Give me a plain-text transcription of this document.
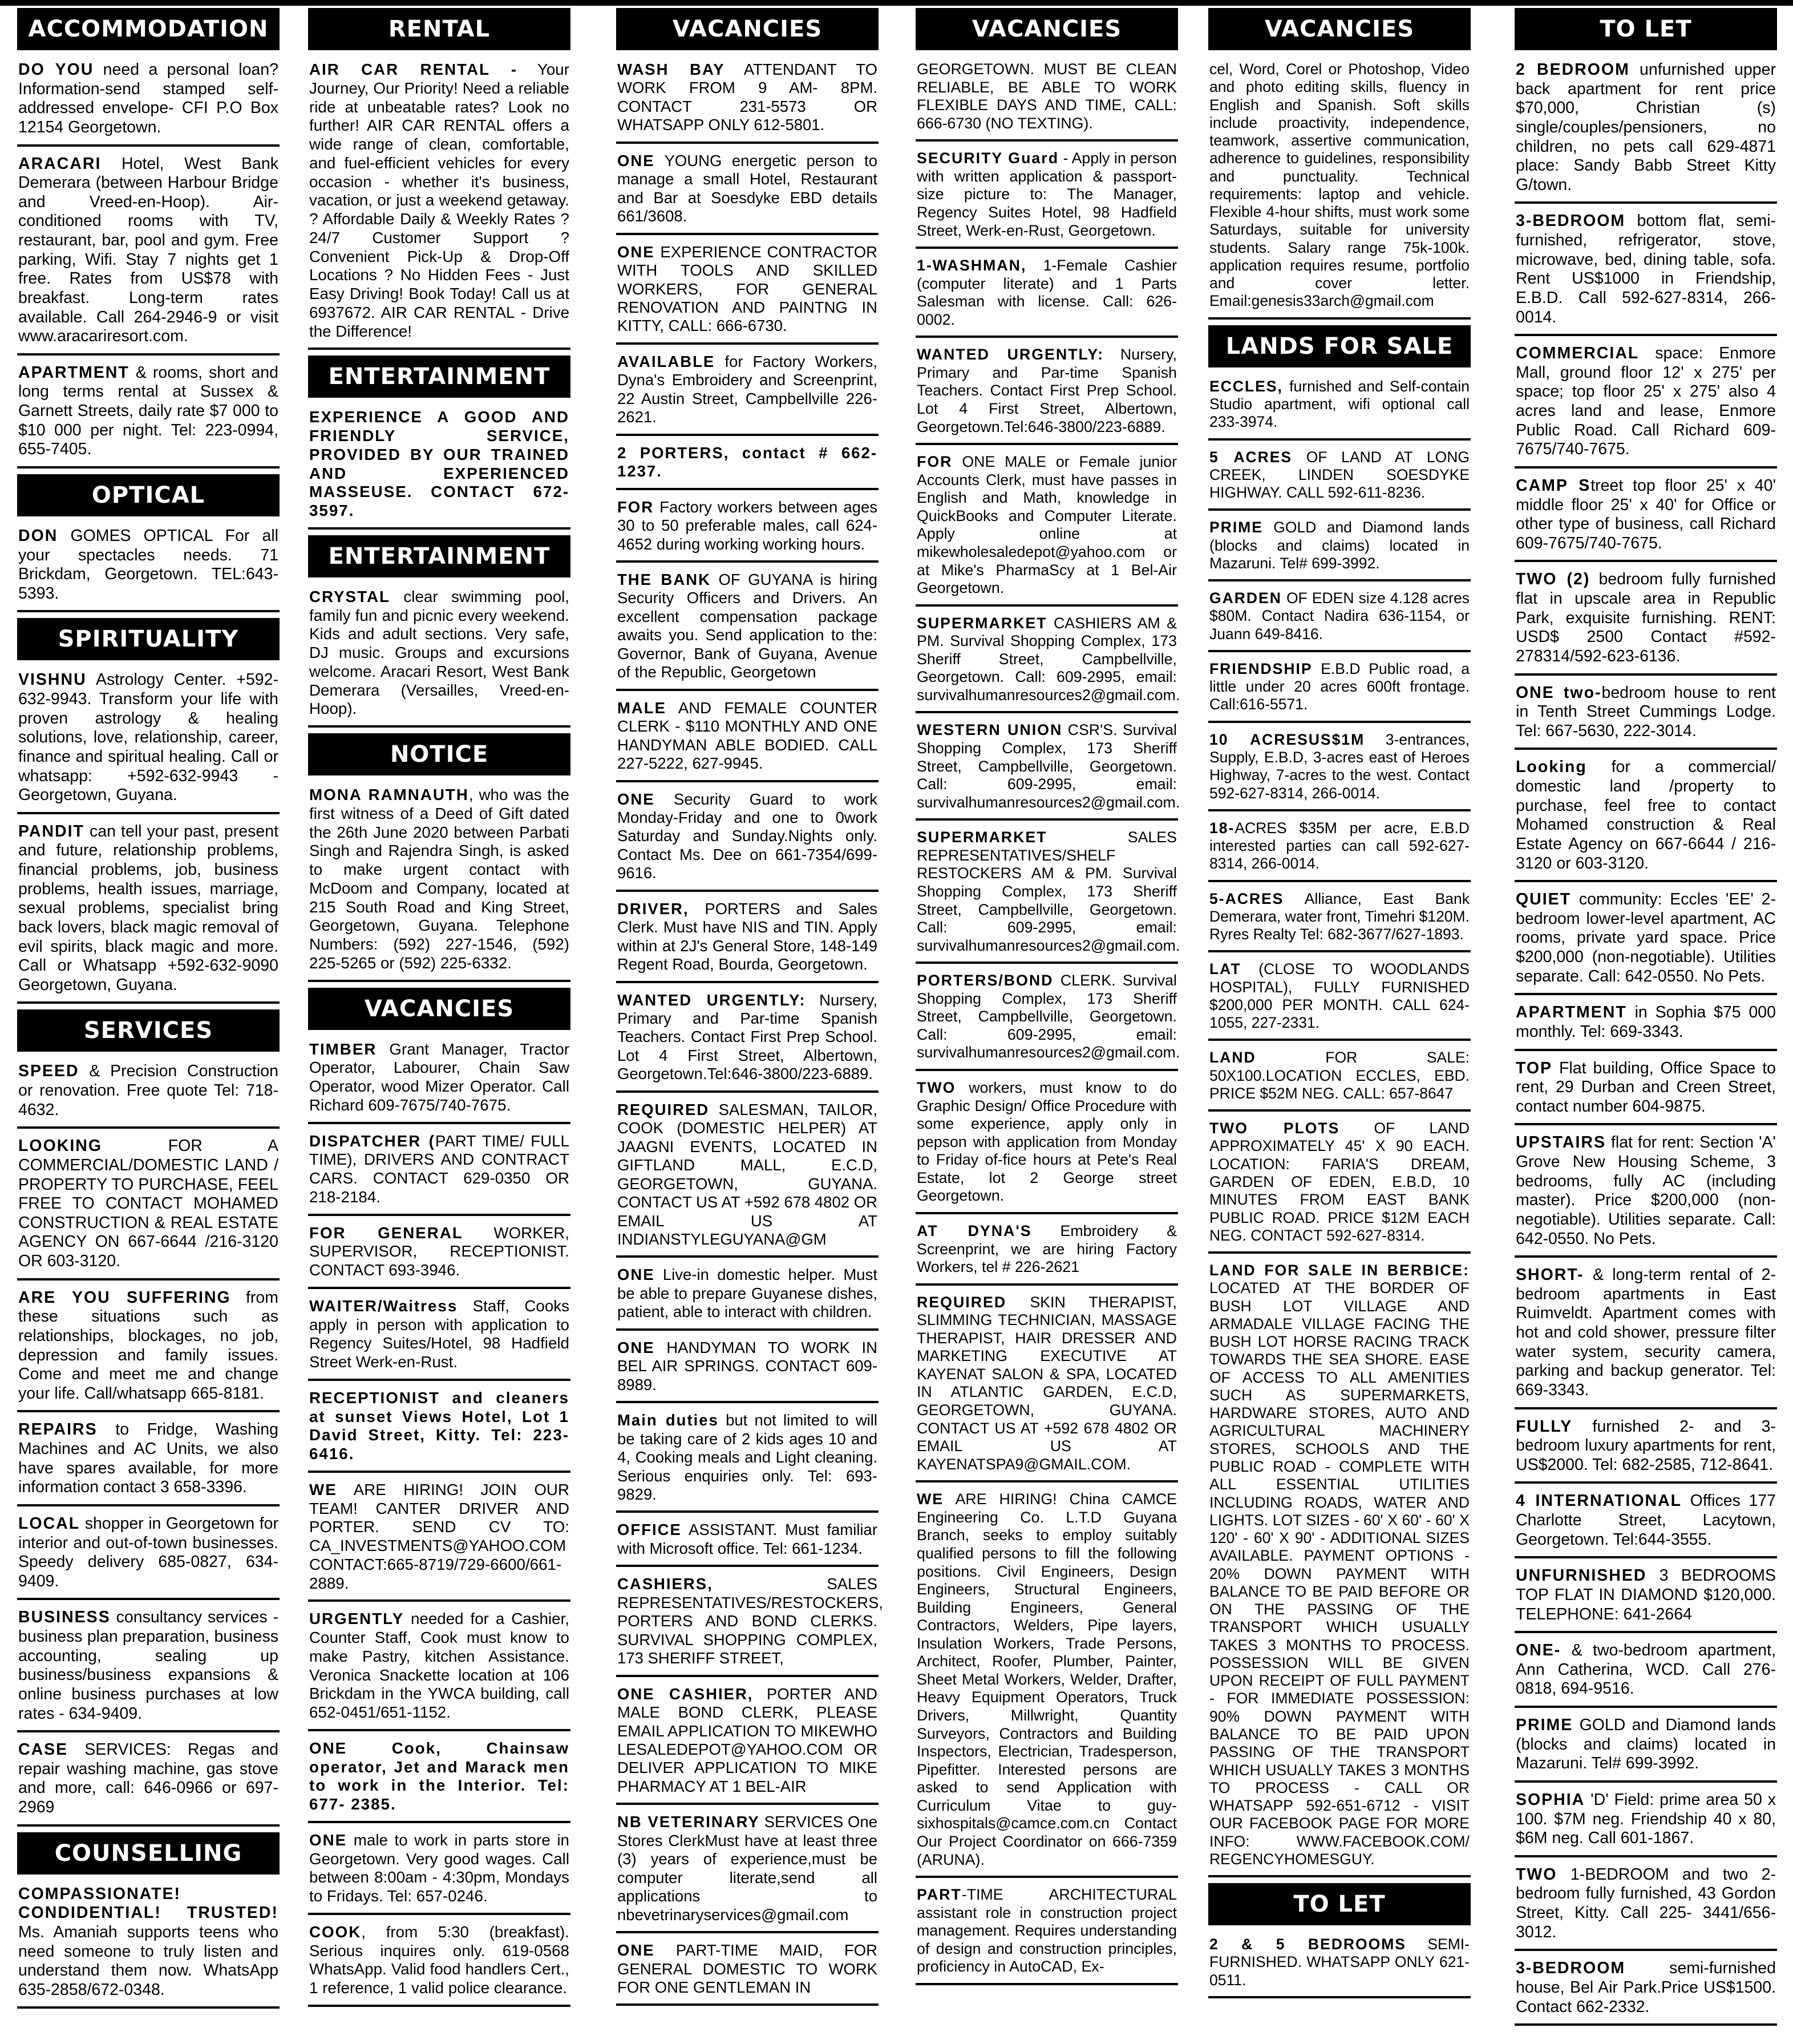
ACCOMMODATION
DO YOU need a personal loan? Information-send stamped self-addressed envelope- CFI P.O Box 12154 Georgetown.
ARACARI Hotel, West Bank Demerara (between Harbour Bridge and Vreed-en-Hoop). Air-conditioned rooms with TV, restaurant, bar, pool and gym. Free parking, Wifi. Stay 7 nights get 1 free. Rates from US$78 with breakfast. Long-term rates available. Call 264-2946-9 or visit www.aracariresort.com.
APARTMENT & rooms, short and long terms rental at Sussex & Garnett Streets, daily rate $7 000 to $10 000 per night. Tel: 223-0994, 655-7405.
OPTICAL
DON GOMES OPTICAL For all your spectacles needs. 71 Brickdam, Georgetown. TEL:643-5393.
SPIRITUALITY
VISHNU Astrology Center. +592-632-9943. Transform your life with proven astrology & healing solutions, love, relationship, career, finance and spiritual healing. Call or whatsapp: +592-632-9943 - Georgetown, Guyana.
PANDIT can tell your past, present and future, relationship problems, financial problems, job, business problems, health issues, marriage, sexual problems, specialist bring back lovers, black magic removal of evil spirits, black magic and more. Call or Whatsapp +592-632-9090 Georgetown, Guyana.
SERVICES
SPEED & Precision Construction or renovation. Free quote Tel: 718-4632.
LOOKING FOR A COMMERCIAL/DOMESTIC LAND / PROPERTY TO PURCHASE, FEEL FREE TO CONTACT MOHAMED CONSTRUCTION & REAL ESTATE AGENCY ON 667-6644 /216-3120 OR 603-3120.
ARE YOU SUFFERING from these situations such as relationships, blockages, no job, depression and family issues. Come and meet me and change your life. Call/whatsapp 665-8181.
REPAIRS to Fridge, Washing Machines and AC Units, we also have spares available, for more information contact 3 658-3396.
LOCAL shopper in Georgetown for interior and out-of-town businesses. Speedy delivery 685-0827, 634-9409.
BUSINESS consultancy services - business plan preparation, business accounting, sealing up business/business expansions & online business purchases at low rates - 634-9409.
CASE SERVICES: Regas and repair washing machine, gas stove and more, call: 646-0966 or 697-2969
COUNSELLING
COMPASSIONATE! CONDIDENTIAL! TRUSTED! Ms. Amaniah supports teens who need someone to truly listen and understand them now. WhatsApp 635-2858/672-0348.
RENTAL
AIR CAR RENTAL - Your Journey, Our Priority! Need a reliable ride at unbeatable rates? Look no further! AIR CAR RENTAL offers a wide range of clean, comfortable, and fuel-efficient vehicles for every occasion - whether it's business, vacation, or just a weekend getaway. ? Affordable Daily & Weekly Rates ? 24/7 Customer Support ? Convenient Pick-Up & Drop-Off Locations ? No Hidden Fees - Just Easy Driving! Book Today! Call us at 6937672. AIR CAR RENTAL - Drive the Difference!
ENTERTAINMENT
EXPERIENCE A GOOD AND FRIENDLY SERVICE, PROVIDED BY OUR TRAINED AND EXPERIENCED MASSEUSE. CONTACT 672-3597.
ENTERTAINMENT
CRYSTAL clear swimming pool, family fun and picnic every weekend. Kids and adult sections. Very safe, DJ music. Groups and excursions welcome. Aracari Resort, West Bank Demerara (Versailles, Vreed-en-Hoop).
NOTICE
MONA RAMNAUTH, who was the first witness of a Deed of Gift dated the 26th June 2020 between Parbati Singh and Rajendra Singh, is asked to make urgent contact with McDoom and Company, located at 215 South Road and King Street, Georgetown, Guyana. Telephone Numbers: (592) 227-1546, (592) 225-5265 or (592) 225-6332.
VACANCIES
TIMBER Grant Manager, Tractor Operator, Labourer, Chain Saw Operator, wood Mizer Operator. Call Richard 609-7675/740-7675.
DISPATCHER (PART TIME/ FULL TIME), DRIVERS AND CONTRACT CARS. CONTACT 629-0350 OR 218-2184.
FOR GENERAL WORKER, SUPERVISOR, RECEPTIONIST. CONTACT 693-3946.
WAITER/Waitress Staff, Cooks apply in person with application to Regency Suites/Hotel, 98 Hadfield Street Werk-en-Rust.
RECEPTIONIST and cleaners at sunset Views Hotel, Lot 1 David Street, Kitty. Tel: 223-6416.
WE ARE HIRING! JOIN OUR TEAM! CANTER DRIVER AND PORTER. SEND CV TO: CA_INVESTMENTS@YAHOO.COM CONTACT:665-8719/729-6600/661-2889.
URGENTLY needed for a Cashier, Counter Staff, Cook must know to make Pastry, kitchen Assistance. Veronica Snackette location at 106 Brickdam in the YWCA building, call 652-0451/651-1152.
ONE Cook, Chainsaw operator, Jet and Marack men to work in the Interior. Tel: 677- 2385.
ONE male to work in parts store in Georgetown. Very good wages. Call between 8:00am - 4:30pm, Mondays to Fridays. Tel: 657-0246.
COOK, from 5:30 (breakfast). Serious inquires only. 619-0568 WhatsApp. Valid food handlers Cert., 1 reference, 1 valid police clearance.
VACANCIES
WASH BAY ATTENDANT TO WORK FROM 9 AM- 8PM. CONTACT 231-5573 OR WHATSAPP ONLY 612-5801.
ONE YOUNG energetic person to manage a small Hotel, Restaurant and Bar at Soesdyke EBD details 661/3608.
ONE EXPERIENCE CONTRACTOR WITH TOOLS AND SKILLED WORKERS, FOR GENERAL RENOVATION AND PAINTNG IN KITTY, CALL: 666-6730.
AVAILABLE for Factory Workers, Dyna's Embroidery and Screenprint, 22 Austin Street, Campbellville 226-2621.
2 PORTERS, contact # 662-1237.
FOR Factory workers between ages 30 to 50 preferable males, call 624-4652 during working working hours.
THE BANK OF GUYANA is hiring Security Officers and Drivers. An excellent compensation package awaits you. Send application to the: Governor, Bank of Guyana, Avenue of the Republic, Georgetown
MALE AND FEMALE COUNTER CLERK - $110 MONTHLY AND ONE HANDYMAN ABLE BODIED. CALL 227-5222, 627-9945.
ONE Security Guard to work Monday-Friday and one to 0work Saturday and Sunday.Nights only. Contact Ms. Dee on 661-7354/699-9616.
DRIVER, PORTERS and Sales Clerk. Must have NIS and TIN. Apply within at 2J's General Store, 148-149 Regent Road, Bourda, Georgetown.
WANTED URGENTLY: Nursery, Primary and Par-time Spanish Teachers. Contact First Prep School. Lot 4 First Street, Albertown, Georgetown.Tel:646-3800/223-6889.
REQUIRED SALESMAN, TAILOR, COOK (DOMESTIC HELPER) AT JAAGNI EVENTS, LOCATED IN GIFTLAND MALL, E.C.D, GEORGETOWN, GUYANA. CONTACT US AT +592 678 4802 OR EMAIL US AT INDIANSTYLEGUYANA@GM
ONE Live-in domestic helper. Must be able to prepare Guyanese dishes, patient, able to interact with children.
ONE HANDYMAN TO WORK IN BEL AIR SPRINGS. CONTACT 609-8989.
Main duties but not limited to will be taking care of 2 kids ages 10 and 4, Cooking meals and Light cleaning. Serious enquiries only. Tel: 693-9829.
OFFICE ASSISTANT. Must familiar with Microsoft office. Tel: 661-1234.
CASHIERS, SALES REPRESENTATIVES/RESTOCKERS, PORTERS AND BOND CLERKS. SURVIVAL SHOPPING COMPLEX, 173 SHERIFF STREET,
ONE CASHIER, PORTER AND MALE BOND CLERK, PLEASE EMAIL APPLICATION TO MIKEWHO LESALEDEPOT@YAHOO.COM OR DELIVER APPLICATION TO MIKE PHARMACY AT 1 BEL-AIR
NB VETERINARY SERVICES One Stores ClerkMust have at least three (3) years of experience,must be computer literate,send all applications to nbevetrinaryservices@gmail.com
ONE PART-TIME MAID, FOR GENERAL DOMESTIC TO WORK FOR ONE GENTLEMAN IN
VACANCIES
GEORGETOWN. MUST BE CLEAN RELIABLE, BE ABLE TO WORK FLEXIBLE DAYS AND TIME, CALL: 666-6730 (NO TEXTING).
SECURITY Guard - Apply in person with written application & passport-size picture to: The Manager, Regency Suites Hotel, 98 Hadfield Street, Werk-en-Rust, Georgetown.
1-WASHMAN, 1-Female Cashier (computer literate) and 1 Parts Salesman with license. Call: 626-0002.
WANTED URGENTLY: Nursery, Primary and Par-time Spanish Teachers. Contact First Prep School. Lot 4 First Street, Albertown, Georgetown.Tel:646-3800/223-6889.
FOR ONE MALE or Female junior Accounts Clerk, must have passes in English and Math, knowledge in QuickBooks and Computer Literate. Apply online at mikewholesaledepot@yahoo.com or at Mike's PharmaScy at 1 Bel-Air Georgetown.
SUPERMARKET CASHIERS AM & PM. Survival Shopping Complex, 173 Sheriff Street, Campbellville, Georgetown. Call: 609-2995, email: survivalhumanresources2@gmail.com.
WESTERN UNION CSR'S. Survival Shopping Complex, 173 Sheriff Street, Campbellville, Georgetown. Call: 609-2995, email: survivalhumanresources2@gmail.com.
SUPERMARKET SALES REPRESENTATIVES/SHELF RESTOCKERS AM & PM. Survival Shopping Complex, 173 Sheriff Street, Campbellville, Georgetown. Call: 609-2995, email: survivalhumanresources2@gmail.com.
PORTERS/BOND CLERK. Survival Shopping Complex, 173 Sheriff Street, Campbellville, Georgetown. Call: 609-2995, email: survivalhumanresources2@gmail.com.
TWO workers, must know to do Graphic Design/ Office Procedure with some experience, apply only in pepson with application from Monday to Friday of-fice hours at Pete's Real Estate, lot 2 George street Georgetown.
AT DYNA'S Embroidery & Screenprint, we are hiring Factory Workers, tel # 226-2621
REQUIRED SKIN THERAPIST, SLIMMING TECHNICIAN, MASSAGE THERAPIST, HAIR DRESSER AND MARKETING EXECUTIVE AT KAYENAT SALON & SPA, LOCATED IN ATLANTIC GARDEN, E.C.D, GEORGETOWN, GUYANA. CONTACT US AT +592 678 4802 OR EMAIL US AT KAYENATSPA9@GMAIL.COM.
WE ARE HIRING! China CAMCE Engineering Co. L.T.D Guyana Branch, seeks to employ suitably qualified persons to fill the following positions. Civil Engineers, Design Engineers, Structural Engineers, Building Engineers, General Contractors, Welders, Pipe layers, Insulation Workers, Trade Persons, Architect, Roofer, Plumber, Painter, Sheet Metal Workers, Welder, Drafter, Heavy Equipment Operators, Truck Drivers, Millwright, Quantity Surveyors, Contractors and Building Inspectors, Electrician, Tradesperson, Pipefitter. Interested persons are asked to send Application with Curriculum Vitae to guy-sixhospitals@camce.com.cn Contact Our Project Coordinator on 666-7359 (ARUNA).
PART-TIME ARCHITECTURAL assistant role in construction project management. Requires understanding of design and construction principles, proficiency in AutoCAD, Ex-
VACANCIES
cel, Word, Corel or Photoshop, Video and photo editing skills, fluency in English and Spanish. Soft skills include proactivity, independence, teamwork, assertive communication, adherence to guidelines, responsibility and punctuality. Technical requirements: laptop and vehicle. Flexible 4-hour shifts, must work some Saturdays, suitable for university students. Salary range 75k-100k. application requires resume, portfolio and cover letter. Email:genesis33arch@gmail.com
LANDS FOR SALE
ECCLES, furnished and Self-contain Studio apartment, wifi optional call 233-3974.
5 ACRES OF LAND AT LONG CREEK, LINDEN SOESDYKE HIGHWAY. CALL 592-611-8236.
PRIME GOLD and Diamond lands (blocks and claims) located in Mazaruni. Tel# 699-3992.
GARDEN OF EDEN size 4.128 acres $80M. Contact Nadira 636-1154, or Juann 649-8416.
FRIENDSHIP E.B.D Public road, a little under 20 acres 600ft frontage. Call:616-5571.
10 ACRESUS$1M 3-entrances, Supply, E.B.D, 3-acres east of Heroes Highway, 7-acres to the west. Contact 592-627-8314, 266-0014.
18-ACRES $35M per acre, E.B.D interested parties can call 592-627-8314, 266-0014.
5-ACRES Alliance, East Bank Demerara, water front, Timehri $120M. Ryres Realty Tel: 682-3677/627-1893.
LAT (CLOSE TO WOODLANDS HOSPITAL), FULLY FURNISHED $200,000 PER MONTH. CALL 624-1055, 227-2331.
LAND FOR SALE: 50X100.LOCATION ECCLES, EBD. PRICE $52M NEG. CALL: 657-8647
TWO PLOTS OF LAND APPROXIMATELY 45' X 90 EACH. LOCATION: FARIA'S DREAM, GARDEN OF EDEN, E.B.D, 10 MINUTES FROM EAST BANK PUBLIC ROAD. PRICE $12M EACH NEG. CONTACT 592-627-8314.
LAND FOR SALE IN BERBICE: LOCATED AT THE BORDER OF BUSH LOT VILLAGE AND ARMADALE VILLAGE FACING THE BUSH LOT HORSE RACING TRACK TOWARDS THE SEA SHORE. EASE OF ACCESS TO ALL AMENITIES SUCH AS SUPERMARKETS, HARDWARE STORES, AUTO AND AGRICULTURAL MACHINERY STORES, SCHOOLS AND THE PUBLIC ROAD - COMPLETE WITH ALL ESSENTIAL UTILITIES INCLUDING ROADS, WATER AND LIGHTS. LOT SIZES - 60' X 60' - 60' X 120' - 60' X 90' - ADDITIONAL SIZES AVAILABLE. PAYMENT OPTIONS - 20% DOWN PAYMENT WITH BALANCE TO BE PAID BEFORE OR ON THE PASSING OF THE TRANSPORT WHICH USUALLY TAKES 3 MONTHS TO PROCESS. POSSESSION WILL BE GIVEN UPON RECEIPT OF FULL PAYMENT - FOR IMMEDIATE POSSESSION: 90% DOWN PAYMENT WITH BALANCE TO BE PAID UPON PASSING OF THE TRANSPORT WHICH USUALLY TAKES 3 MONTHS TO PROCESS - CALL OR WHATSAPP 592-651-6712 - VISIT OUR FACEBOOK PAGE FOR MORE INFO: WWW.FACEBOOK.COM/ REGENCYHOMESGUY.
TO LET
2 & 5 BEDROOMS SEMI-FURNISHED. WHATSAPP ONLY 621-0511.
TO LET
2 BEDROOM unfurnished upper back apartment for rent price $70,000, Christian (s) single/couples/pensioners, no children, no pets call 629-4871 place: Sandy Babb Street Kitty G/town.
3-BEDROOM bottom flat, semi-furnished, refrigerator, stove, microwave, bed, dining table, sofa. Rent US$1000 in Friendship, E.B.D. Call 592-627-8314, 266-0014.
COMMERCIAL space: Enmore Mall, ground floor 12' x 275' per space; top floor 25' x 275' also 4 acres land and lease, Enmore Public Road. Call Richard 609-7675/740-7675.
CAMP Street top floor 25' x 40' middle floor 25' x 40' for Office or other type of business, call Richard 609-7675/740-7675.
TWO (2) bedroom fully furnished flat in upscale area in Republic Park, exquisite furnishing. RENT: USD$ 2500 Contact #592-278314/592-623-6136.
ONE two-bedroom house to rent in Tenth Street Cummings Lodge. Tel: 667-5630, 222-3014.
Looking for a commercial/ domestic land /property to purchase, feel free to contact Mohamed construction & Real Estate Agency on 667-6644 / 216-3120 or 603-3120.
QUIET community: Eccles 'EE' 2-bedroom lower-level apartment, AC rooms, private yard space. Price $200,000 (non-negotiable). Utilities separate. Call: 642-0550. No Pets.
APARTMENT in Sophia $75 000 monthly. Tel: 669-3343.
TOP Flat building, Office Space to rent, 29 Durban and Creen Street, contact number 604-9875.
UPSTAIRS flat for rent: Section 'A' Grove New Housing Scheme, 3 bedrooms, fully AC (including master). Price $200,000 (non-negotiable). Utilities separate. Call: 642-0550. No Pets.
SHORT- & long-term rental of 2-bedroom apartments in East Ruimveldt. Apartment comes with hot and cold shower, pressure filter water system, security camera, parking and backup generator. Tel: 669-3343.
FULLY furnished 2- and 3-bedroom luxury apartments for rent, US$2000. Tel: 682-2585, 712-8641.
4 INTERNATIONAL Offices 177 Charlotte Street, Lacytown, Georgetown. Tel:644-3555.
UNFURNISHED 3 BEDROOMS TOP FLAT IN DIAMOND $120,000. TELEPHONE: 641-2664
ONE- & two-bedroom apartment, Ann Catherina, WCD. Call 276-0818, 694-9516.
PRIME GOLD and Diamond lands (blocks and claims) located in Mazaruni. Tel# 699-3992.
SOPHIA 'D' Field: prime area 50 x 100. $7M neg. Friendship 40 x 80, $6M neg. Call 601-1867.
TWO 1-BEDROOM and two 2-bedroom fully furnished, 43 Gordon Street, Kitty. Call 225- 3441/656-3012.
3-BEDROOM semi-furnished house, Bel Air Park.Price US$1500. Contact 662-2332.
